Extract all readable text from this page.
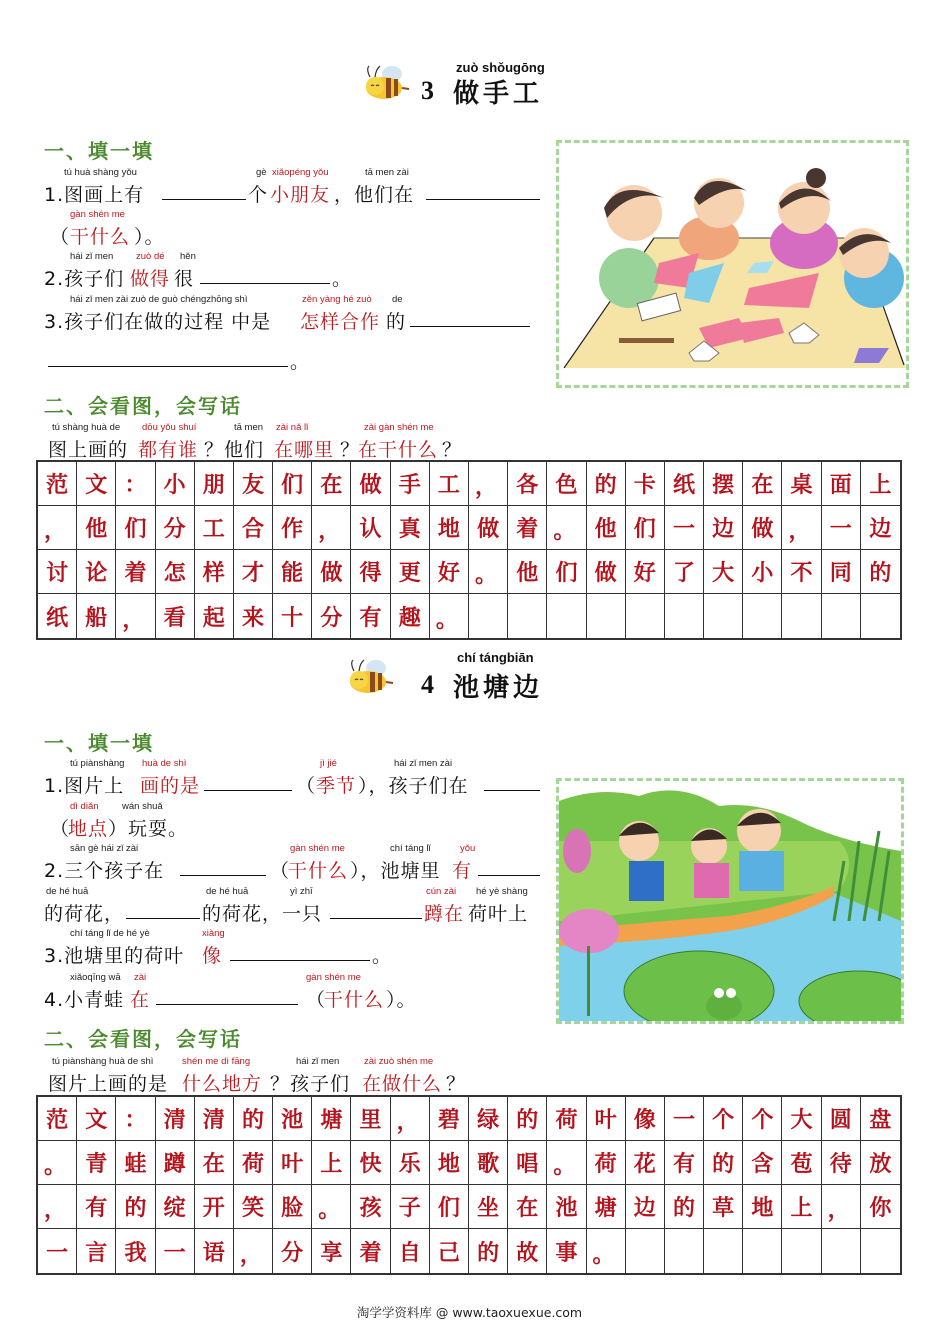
zuò shǒugōng
3 做手工
一、填一填
tú huà shàng yǒu	gè xiǎopéng yǒu	tā men zài
1.图画上有	个 小朋友 ，他们在
gàn shén me
（ 干什么 ）。
hái zǐ men zuò dé hěn
2.孩子们 做得 很	。
hái zǐ men zài zuò de guò chéngzhōng shì	zěn yàng hé zuò de
3.孩子们在做的过程 中是 怎样合作 的
。
二、会看图，会写话
tú shàng huà de dōu yǒu shuí	tā men zài nǎ lǐ	zài gàn shén me
图上画的 都有谁 ？他们 在哪里 ？
在干什么 ？
范 文 ： 小 朋 友 们 在 做 手 工 ， 各 色 的 卡 纸 摆 在 桌 面 上
， 他 们 分 工 合 作 ， 认 真 地 做 着 。 他 们 一 边 做 ， 一 边
讨 论 着 怎 样 才 能 做 得 更 好 。 他 们 做 好 了 大 小 不 同 的
纸 船 ， 看 起 来 十 分 有 趣 。
chí tángbiān
4 池塘边
一、填一填
tú piànshàng huà de shì	jì jié	hái zǐ men zài
1.图片上 画的是	（ 季节 ），孩子们在
dì diǎn wán shuǎ
（
地点 ）玩耍。
sān gè hái zǐ zài	gàn shén me	chí táng lǐ	yǒu
2.三个孩子在	（
干什么 ），池塘里 有
de hé huā	de hé huā	yì zhī	cún zài hé yè shàng
的荷花，	的荷花，一只	蹲在 荷叶上
chí táng lǐ de hé yè	xiàng
3.池塘里的荷叶 像	。
xiǎoqīng wā zài	gàn shén me
4.小青蛙 在	（
干什么 ）。
二、会看图，会写话
tú piànshàng huà de shì	shén me dì fāng	hái zǐ men	zài zuò shén me
图片上画的是 什么地方 ？孩子们 在做什么 ？
范 文 ： 清 清 的 池 塘 里 ， 碧 绿 的 荷 叶 像 一 个 个 大 圆 盘
。 青 蛙 蹲 在 荷 叶 上 快 乐 地 歌 唱 。 荷 花 有 的 含 苞 待 放
， 有 的 绽 开 笑 脸 。 孩 子 们 坐 在 池 塘 边 的 草 地 上 ， 你
一 言 我 一 语 ， 分 享 着 自 己 的 故 事 。
淘学学资料库 @ www.taoxuexue.com
